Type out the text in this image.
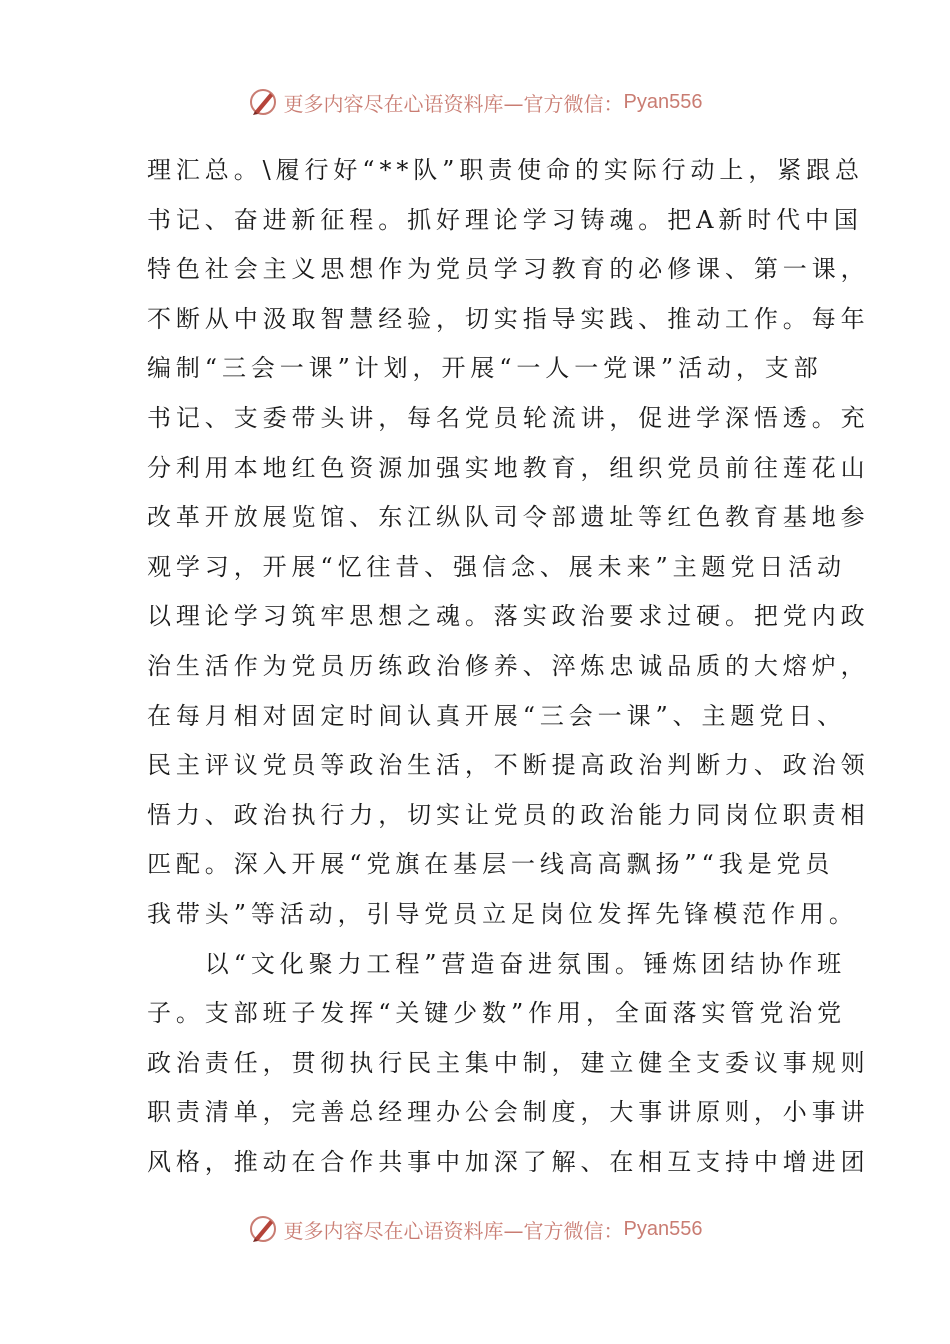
更多内容尽在心语资料库—官方微信： Pyan556
理汇总。\履行好“**队”职责使命的实际行动上，紧跟总
书记、奋进新征程。抓好理论学习铸魂。把A新时代中国
特色社会主义思想作为党员学习教育的必修课、第一课，
不断从中汲取智慧经验，切实指导实践、推动工作。每年
编制“三会一课”计划，开展“一人一党课”活动，支部
书记、支委带头讲，每名党员轮流讲，促进学深悟透。充
分利用本地红色资源加强实地教育，组织党员前往莲花山
改革开放展览馆、东江纵队司令部遗址等红色教育基地参
观学习，开展“忆往昔、强信念、展未来”主题党日活动
以理论学习筑牢思想之魂。落实政治要求过硬。把党内政
治生活作为党员历练政治修养、淬炼忠诚品质的大熔炉，
在每月相对固定时间认真开展“三会一课”、主题党日、
民主评议党员等政治生活，不断提高政治判断力、政治领
悟力、政治执行力，切实让党员的政治能力同岗位职责相
匹配。深入开展“党旗在基层一线高高飘扬”“我是党员
我带头”等活动，引导党员立足岗位发挥先锋模范作用。
　　以“文化聚力工程”营造奋进氛围。锤炼团结协作班
子。支部班子发挥“关键少数”作用，全面落实管党治党
政治责任，贯彻执行民主集中制，建立健全支委议事规则
职责清单，完善总经理办公会制度，大事讲原则，小事讲
风格，推动在合作共事中加深了解、在相互支持中增进团
更多内容尽在心语资料库—官方微信： Pyan556
